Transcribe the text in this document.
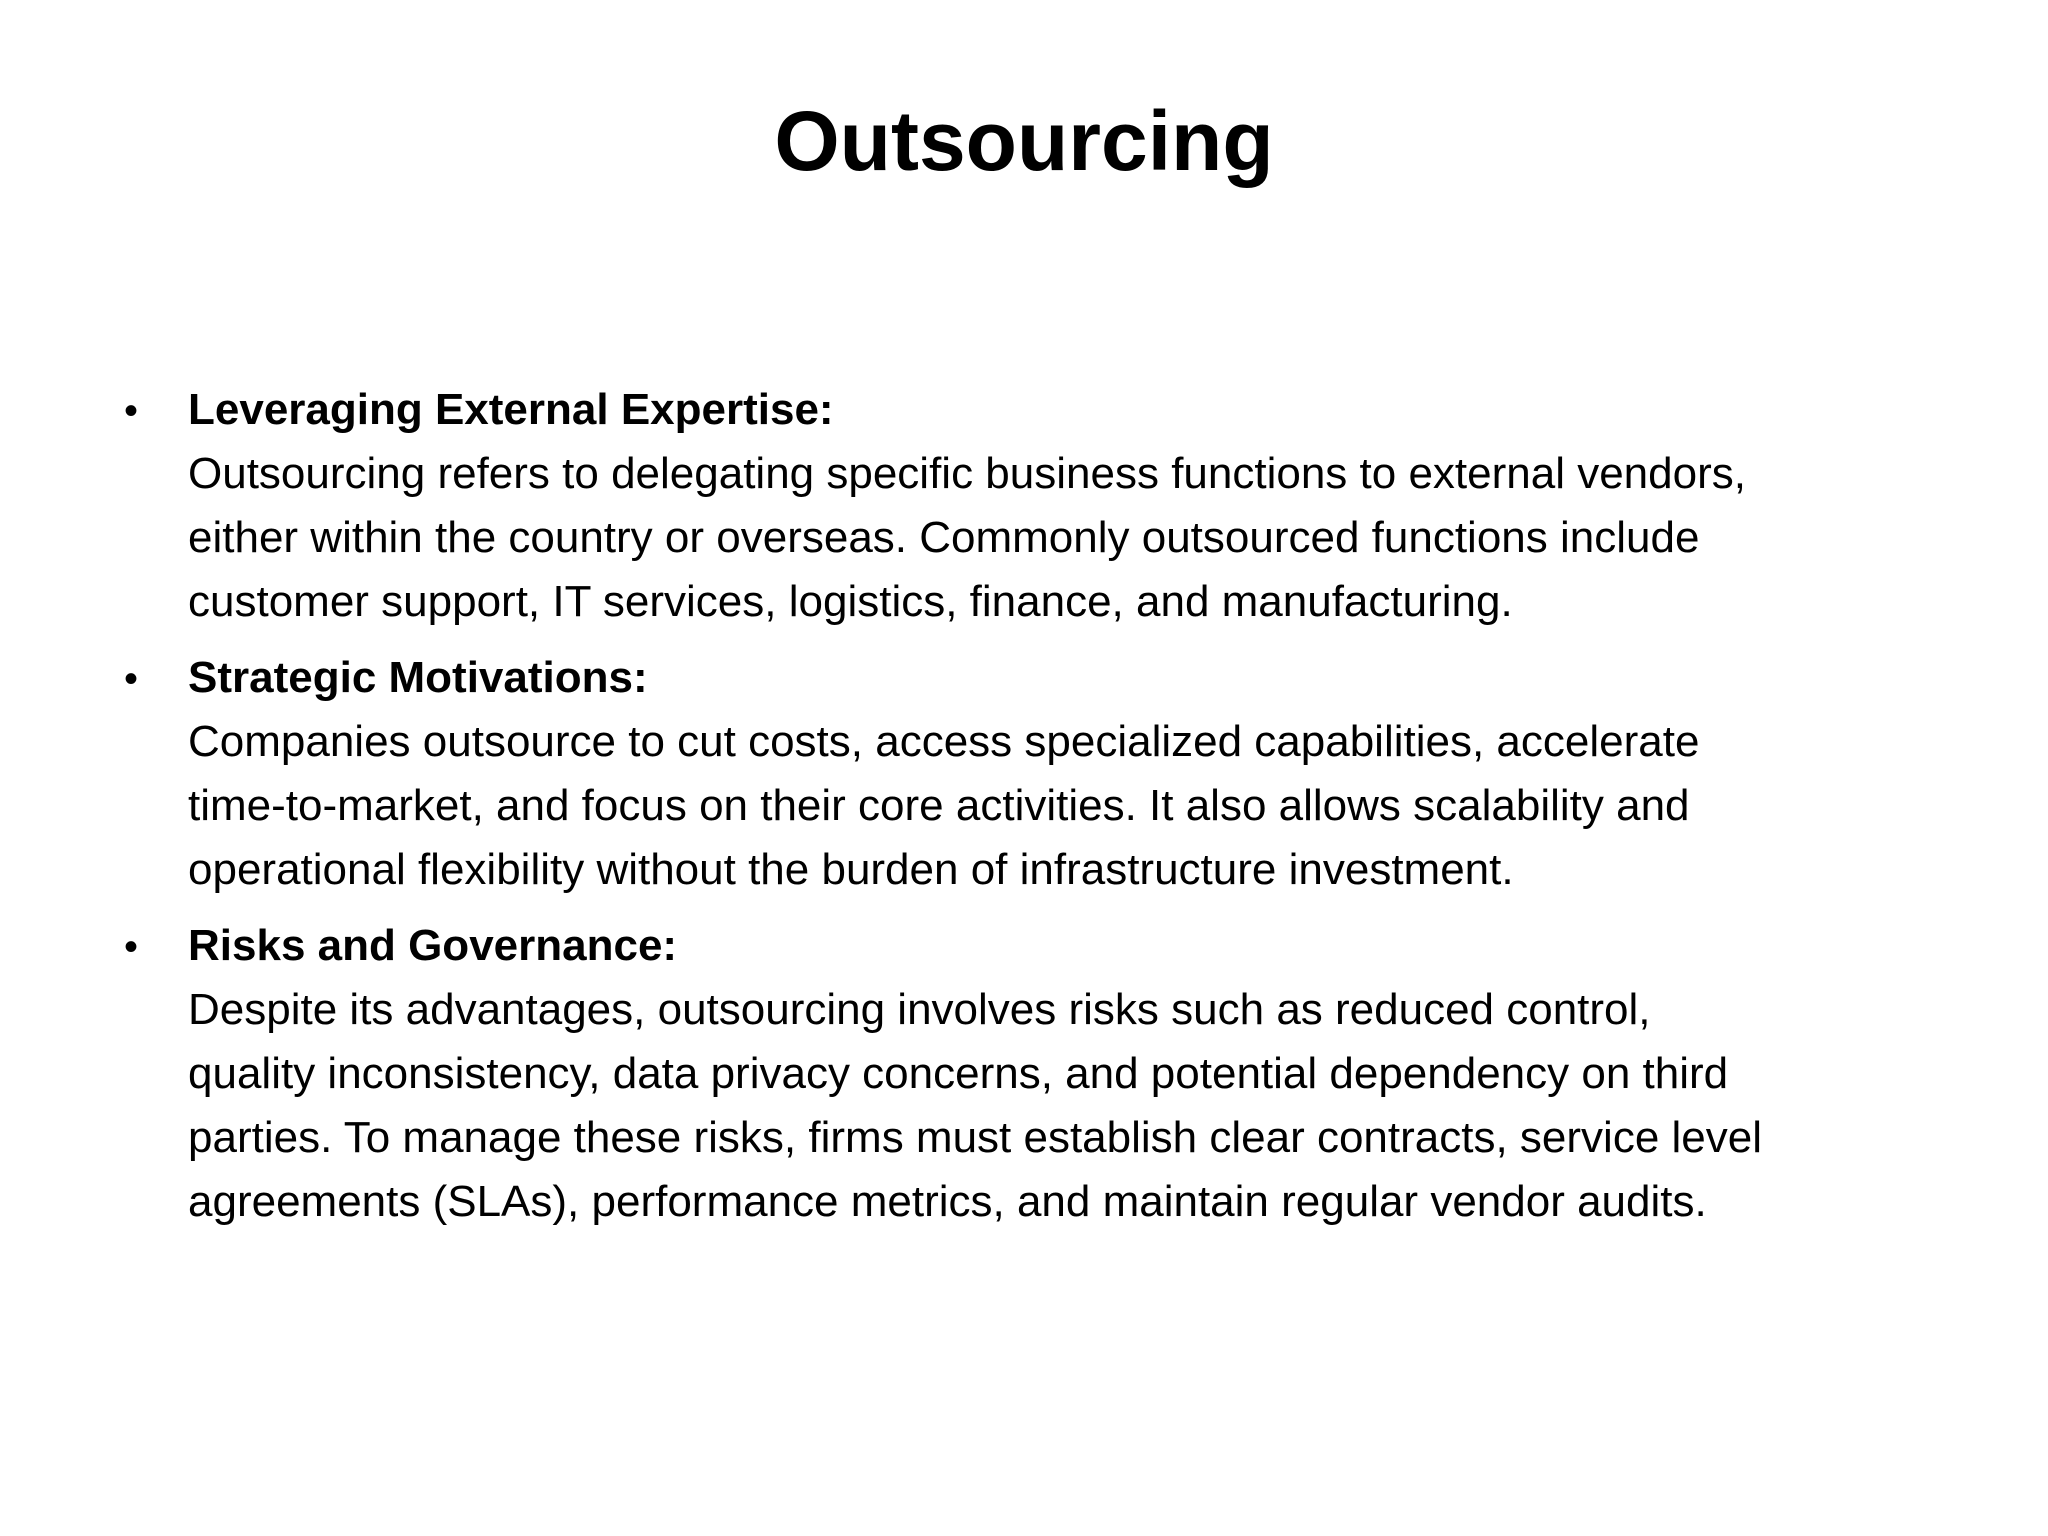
Outsourcing
• Leveraging External Expertise:
Outsourcing refers to delegating specific business functions to external vendors,
either within the country or overseas. Commonly outsourced functions include
customer support, IT services, logistics, finance, and manufacturing.
• Strategic Motivations:
Companies outsource to cut costs, access specialized capabilities, accelerate
time-to-market, and focus on their core activities. It also allows scalability and
operational flexibility without the burden of infrastructure investment.
• Risks and Governance:
Despite its advantages, outsourcing involves risks such as reduced control,
quality inconsistency, data privacy concerns, and potential dependency on third
parties. To manage these risks, firms must establish clear contracts, service level
agreements (SLAs), performance metrics, and maintain regular vendor audits.
